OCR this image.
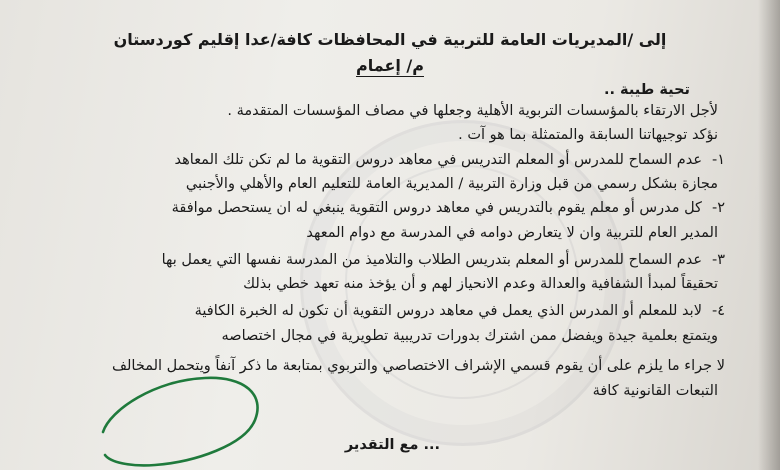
إلى /المديريات العامة للتربية في المحافظات كافة/عدا إقليم كوردستان
م/ إعمام
تحية طيبة ..
لأجل الارتقاء بالمؤسسات التربوية الأهلية وجعلها في مصاف المؤسسات المتقدمة .
نؤكد توجيهاتنا السابقة والمتمثلة بما هو آت .
١-عدم السماح للمدرس أو المعلم التدريس في معاهد دروس التقوية ما لم تكن تلك المعاهد
مجازة بشكل رسمي من قبل وزارة التربية / المديرية العامة للتعليم العام والأهلي والأجنبي
٢-كل مدرس أو معلم يقوم بالتدريس في معاهد دروس التقوية ينبغي له ان يستحصل موافقة
المدير العام للتربية وان لا يتعارض دوامه في المدرسة مع دوام المعهد
٣-عدم السماح للمدرس أو المعلم بتدريس الطلاب والتلاميذ من المدرسة نفسها التي يعمل بها
تحقيقاً لمبدأ الشفافية والعدالة وعدم الانحياز لهم و أن يؤخذ منه تعهد خطي بذلك
٤-لابد للمعلم أو المدرس الذي يعمل في معاهد دروس التقوية أن تكون له الخبرة الكافية
ويتمتع بعلمية جيدة ويفضل ممن اشترك بدورات تدريبية تطويرية في مجال اختصاصه
لا جراء ما يلزم على أن يقوم قسمي الإشراف الاختصاصي والتربوي بمتابعة ما ذكر آنفاً ويتحمل المخالف
التبعات القانونية كافة
... مع التقدير
